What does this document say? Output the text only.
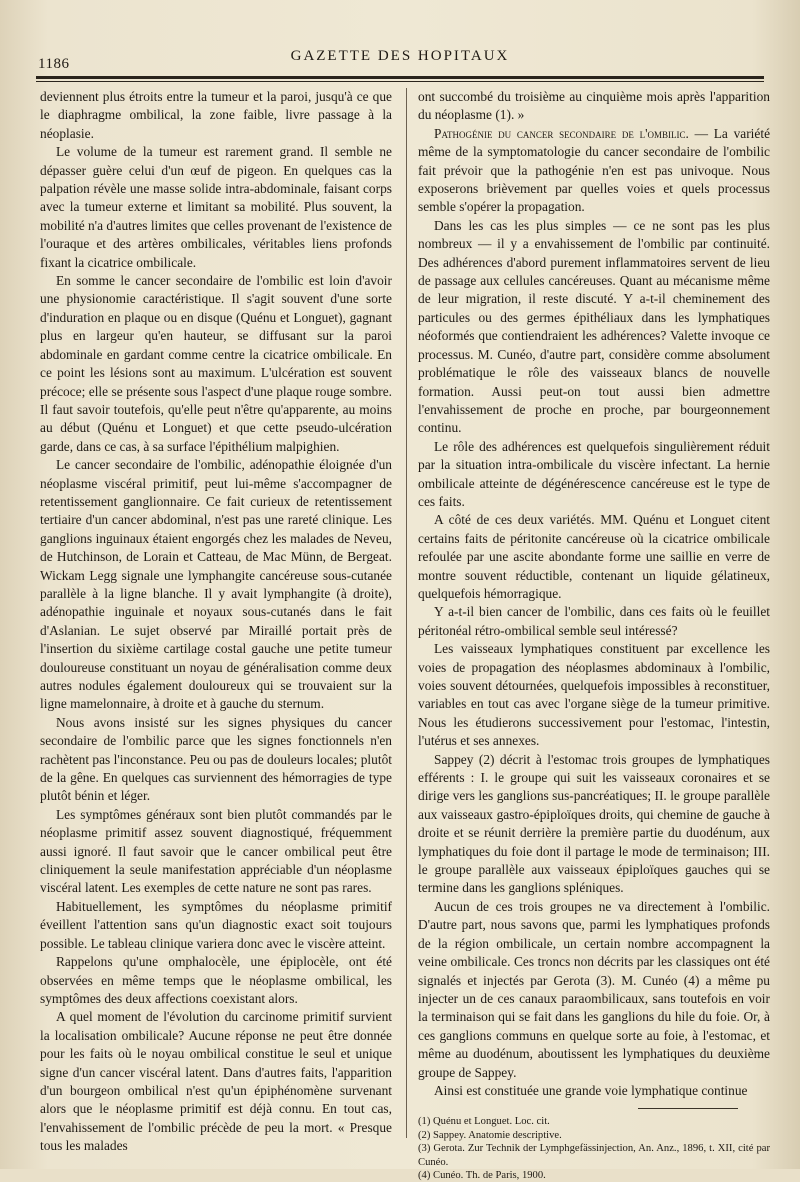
1186	GAZETTE DES HOPITAUX

deviennent plus étroits entre la tumeur et la paroi, jusqu'à ce que le diaphragme ombilical, la zone faible, livre passage à la néoplasie.

Le volume de la tumeur est rarement grand. Il semble ne dépasser guère celui d'un œuf de pigeon. En quelques cas la palpation révèle une masse solide intra-abdominale, faisant corps avec la tumeur externe et limitant sa mobilité. Plus souvent, la mobilité n'a d'autres limites que celles provenant de l'existence de l'ouraque et des artères ombilicales, véritables liens profonds fixant la cicatrice ombilicale.

En somme le cancer secondaire de l'ombilic est loin d'avoir une physionomie caractéristique. Il s'agit souvent d'une sorte d'induration en plaque ou en disque (Quénu et Longuet), gagnant plus en largeur qu'en hauteur, se diffusant sur la paroi abdominale en gardant comme centre la cicatrice ombilicale. En ce point les lésions sont au maximum. L'ulcération est souvent précoce; elle se présente sous l'aspect d'une plaque rouge sombre. Il faut savoir toutefois, qu'elle peut n'être qu'apparente, au moins au début (Quénu et Longuet) et que cette pseudo-ulcération garde, dans ce cas, à sa surface l'épithélium malpighien.

Le cancer secondaire de l'ombilic, adénopathie éloignée d'un néoplasme viscéral primitif, peut lui-même s'accompagner de retentissement ganglionnaire. Ce fait curieux de retentissement tertiaire d'un cancer abdominal, n'est pas une rareté clinique. Les ganglions inguinaux étaient engorgés chez les malades de Neveu, de Hutchinson, de Lorain et Catteau, de Mac Münn, de Bergeat. Wickam Legg signale une lymphangite cancéreuse sous-cutanée parallèle à la ligne blanche. Il y avait lymphangite (à droite), adénopathie inguinale et noyaux sous-cutanés dans le fait d'Aslanian. Le sujet observé par Miraillé portait près de l'insertion du sixième cartilage costal gauche une petite tumeur douloureuse constituant un noyau de généralisation comme deux autres nodules également douloureux qui se trouvaient sur la ligne mamelonnaire, à droite et à gauche du sternum.

Nous avons insisté sur les signes physiques du cancer secondaire de l'ombilic parce que les signes fonctionnels n'en rachètent pas l'inconstance. Peu ou pas de douleurs locales; plutôt de la gêne. En quelques cas surviennent des hémorragies de type plutôt bénin et léger.

Les symptômes généraux sont bien plutôt commandés par le néoplasme primitif assez souvent diagnostiqué, fréquemment aussi ignoré. Il faut savoir que le cancer ombilical peut être cliniquement la seule manifestation appréciable d'un néoplasme viscéral latent. Les exemples de cette nature ne sont pas rares.

Habituellement, les symptômes du néoplasme primitif éveillent l'attention sans qu'un diagnostic exact soit toujours possible. Le tableau clinique variera donc avec le viscère atteint.

Rappelons qu'une omphalocèle, une épiplocèle, ont été observées en même temps que le néoplasme ombilical, les symptômes des deux affections coexistant alors.

A quel moment de l'évolution du carcinome primitif survient la localisation ombilicale? Aucune réponse ne peut être donnée pour les faits où le noyau ombilical constitue le seul et unique signe d'un cancer viscéral latent. Dans d'autres faits, l'apparition d'un bourgeon ombilical n'est qu'un épiphénomène survenant alors que le néoplasme primitif est déjà connu. En tout cas, l'envahissement de l'ombilic précède de peu la mort. « Presque tous les malades

ont succombé du troisième au cinquième mois après l'apparition du néoplasme (1). »

Pathogénie du cancer secondaire de l'ombilic. — La variété même de la symptomatologie du cancer secondaire de l'ombilic fait prévoir que la pathogénie n'en est pas univoque. Nous exposerons brièvement par quelles voies et quels processus semble s'opérer la propagation.

Dans les cas les plus simples — ce ne sont pas les plus nombreux — il y a envahissement de l'ombilic par continuité. Des adhérences d'abord purement inflammatoires servent de lieu de passage aux cellules cancéreuses. Quant au mécanisme même de leur migration, il reste discuté. Y a-t-il cheminement des particules ou des germes épithéliaux dans les lymphatiques néoformés que contiendraient les adhérences? Valette invoque ce processus. M. Cunéo, d'autre part, considère comme absolument problématique le rôle des vaisseaux blancs de nouvelle formation. Aussi peut-on tout aussi bien admettre l'envahissement de proche en proche, par bourgeonnement continu.

Le rôle des adhérences est quelquefois singulièrement réduit par la situation intra-ombilicale du viscère infectant. La hernie ombilicale atteinte de dégénérescence cancéreuse est le type de ces faits.

A côté de ces deux variétés. MM. Quénu et Longuet citent certains faits de péritonite cancéreuse où la cicatrice ombilicale refoulée par une ascite abondante forme une saillie en verre de montre souvent réductible, contenant un liquide gélatineux, quelquefois hémorragique.

Y a-t-il bien cancer de l'ombilic, dans ces faits où le feuillet péritonéal rétro-ombilical semble seul intéressé?

Les vaisseaux lymphatiques constituent par excellence les voies de propagation des néoplasmes abdominaux à l'ombilic, voies souvent détournées, quelquefois impossibles à reconstituer, variables en tout cas avec l'organe siège de la tumeur primitive. Nous les étudierons successivement pour l'estomac, l'intestin, l'utérus et ses annexes.

Sappey (2) décrit à l'estomac trois groupes de lymphatiques efférents : I. le groupe qui suit les vaisseaux coronaires et se dirige vers les ganglions sus-pancréatiques; II. le groupe parallèle aux vaisseaux gastro-épiploïques droits, qui chemine de gauche à droite et se réunit derrière la première partie du duodénum, aux lymphatiques du foie dont il partage le mode de terminaison; III. le groupe parallèle aux vaisseaux épiploïques gauches qui se termine dans les ganglions spléniques.

Aucun de ces trois groupes ne va directement à l'ombilic. D'autre part, nous savons que, parmi les lymphatiques profonds de la région ombilicale, un certain nombre accompagnent la veine ombilicale. Ces troncs non décrits par les classiques ont été signalés et injectés par Gerota (3). M. Cunéo (4) a même pu injecter un de ces canaux paraombilicaux, sans toutefois en voir la terminaison qui se fait dans les ganglions du hile du foie. Or, à ces ganglions communs en quelque sorte au foie, à l'estomac, et même au duodénum, aboutissent les lymphatiques du deuxième groupe de Sappey.

Ainsi est constituée une grande voie lymphatique continue

(1) Quénu et Longuet. Loc. cit.
(2) Sappey. Anatomie descriptive.
(3) Gerota. Zur Technik der Lymphgefässinjection, An. Anz., 1896, t. XII, cité par Cunéo.
(4) Cunéo. Th. de Paris, 1900.
